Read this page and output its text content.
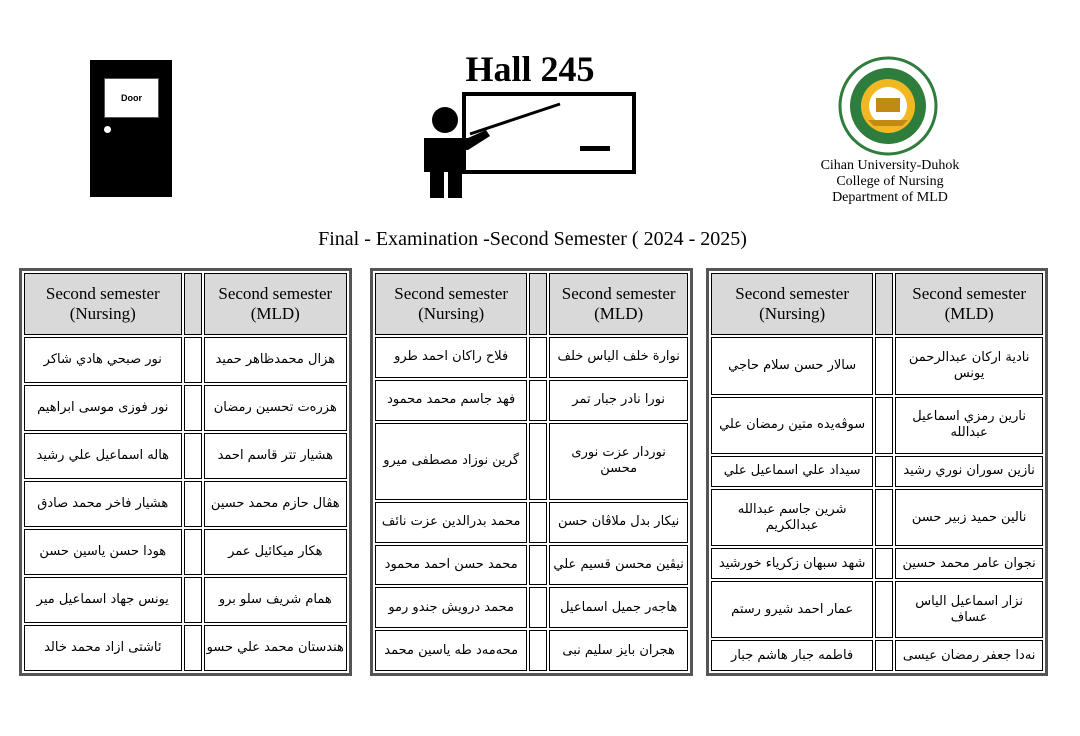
Door
Hall 245
Cihan University-Duhok
College of Nursing
Department of MLD
Final - Examination -Second Semester ( 2024 - 2025)
Second semester (Nursing)		Second semester (MLD)
نور صبحي هادي شاكر		هزال محمدظاهر حميد
نور فوزى موسى ابراهيم		هزرەت تحسين رمضان
هاله اسماعيل علي رشيد		هشيار تتر قاسم احمد
هشيار فاخر محمد صادق		هڤال حازم محمد حسين
هودا حسن ياسين حسن		هكار ميكائيل عمر
يونس جهاد اسماعيل مير		همام شريف سلو برو
ئاشتى ازاد محمد خالد		هندستان محمد علي حسو
Second semester (Nursing)		Second semester (MLD)
فلاح راكان احمد طرو		نوارة خلف الياس خلف
فهد جاسم محمد محمود		نورا نادر جبار تمر
گرين نوزاد مصطفى ميرو		نوردار عزت نورى محسن
محمد بدرالدين عزت نائف		نيكار بدل ملاڤان حسن
محمد حسن احمد محمود		نيڤين محسن قسيم علي
محمد درويش جندو رمو		هاجەر جميل اسماعيل
محەمەد طه ياسين محمد		هجران بايز سليم نبى
Second semester (Nursing)		Second semester (MLD)
سالار حسن سلام حاجي		نادية اركان عبدالرحمن يونس
سوڤەيدە متين رمضان علي		نارين رمزي اسماعيل عبدالله
سيداد علي اسماعيل علي		نازين سوران نوري رشيد
شرين جاسم عبدالله عبدالكريم		نالين حميد زبير حسن
شهد سبهان زكرياء خورشيد		نجوان عامر محمد حسين
عمار احمد شيرو رستم		نزار اسماعيل الياس عساف
فاطمه جبار هاشم جبار		نەدا جعفر رمضان عيسى
